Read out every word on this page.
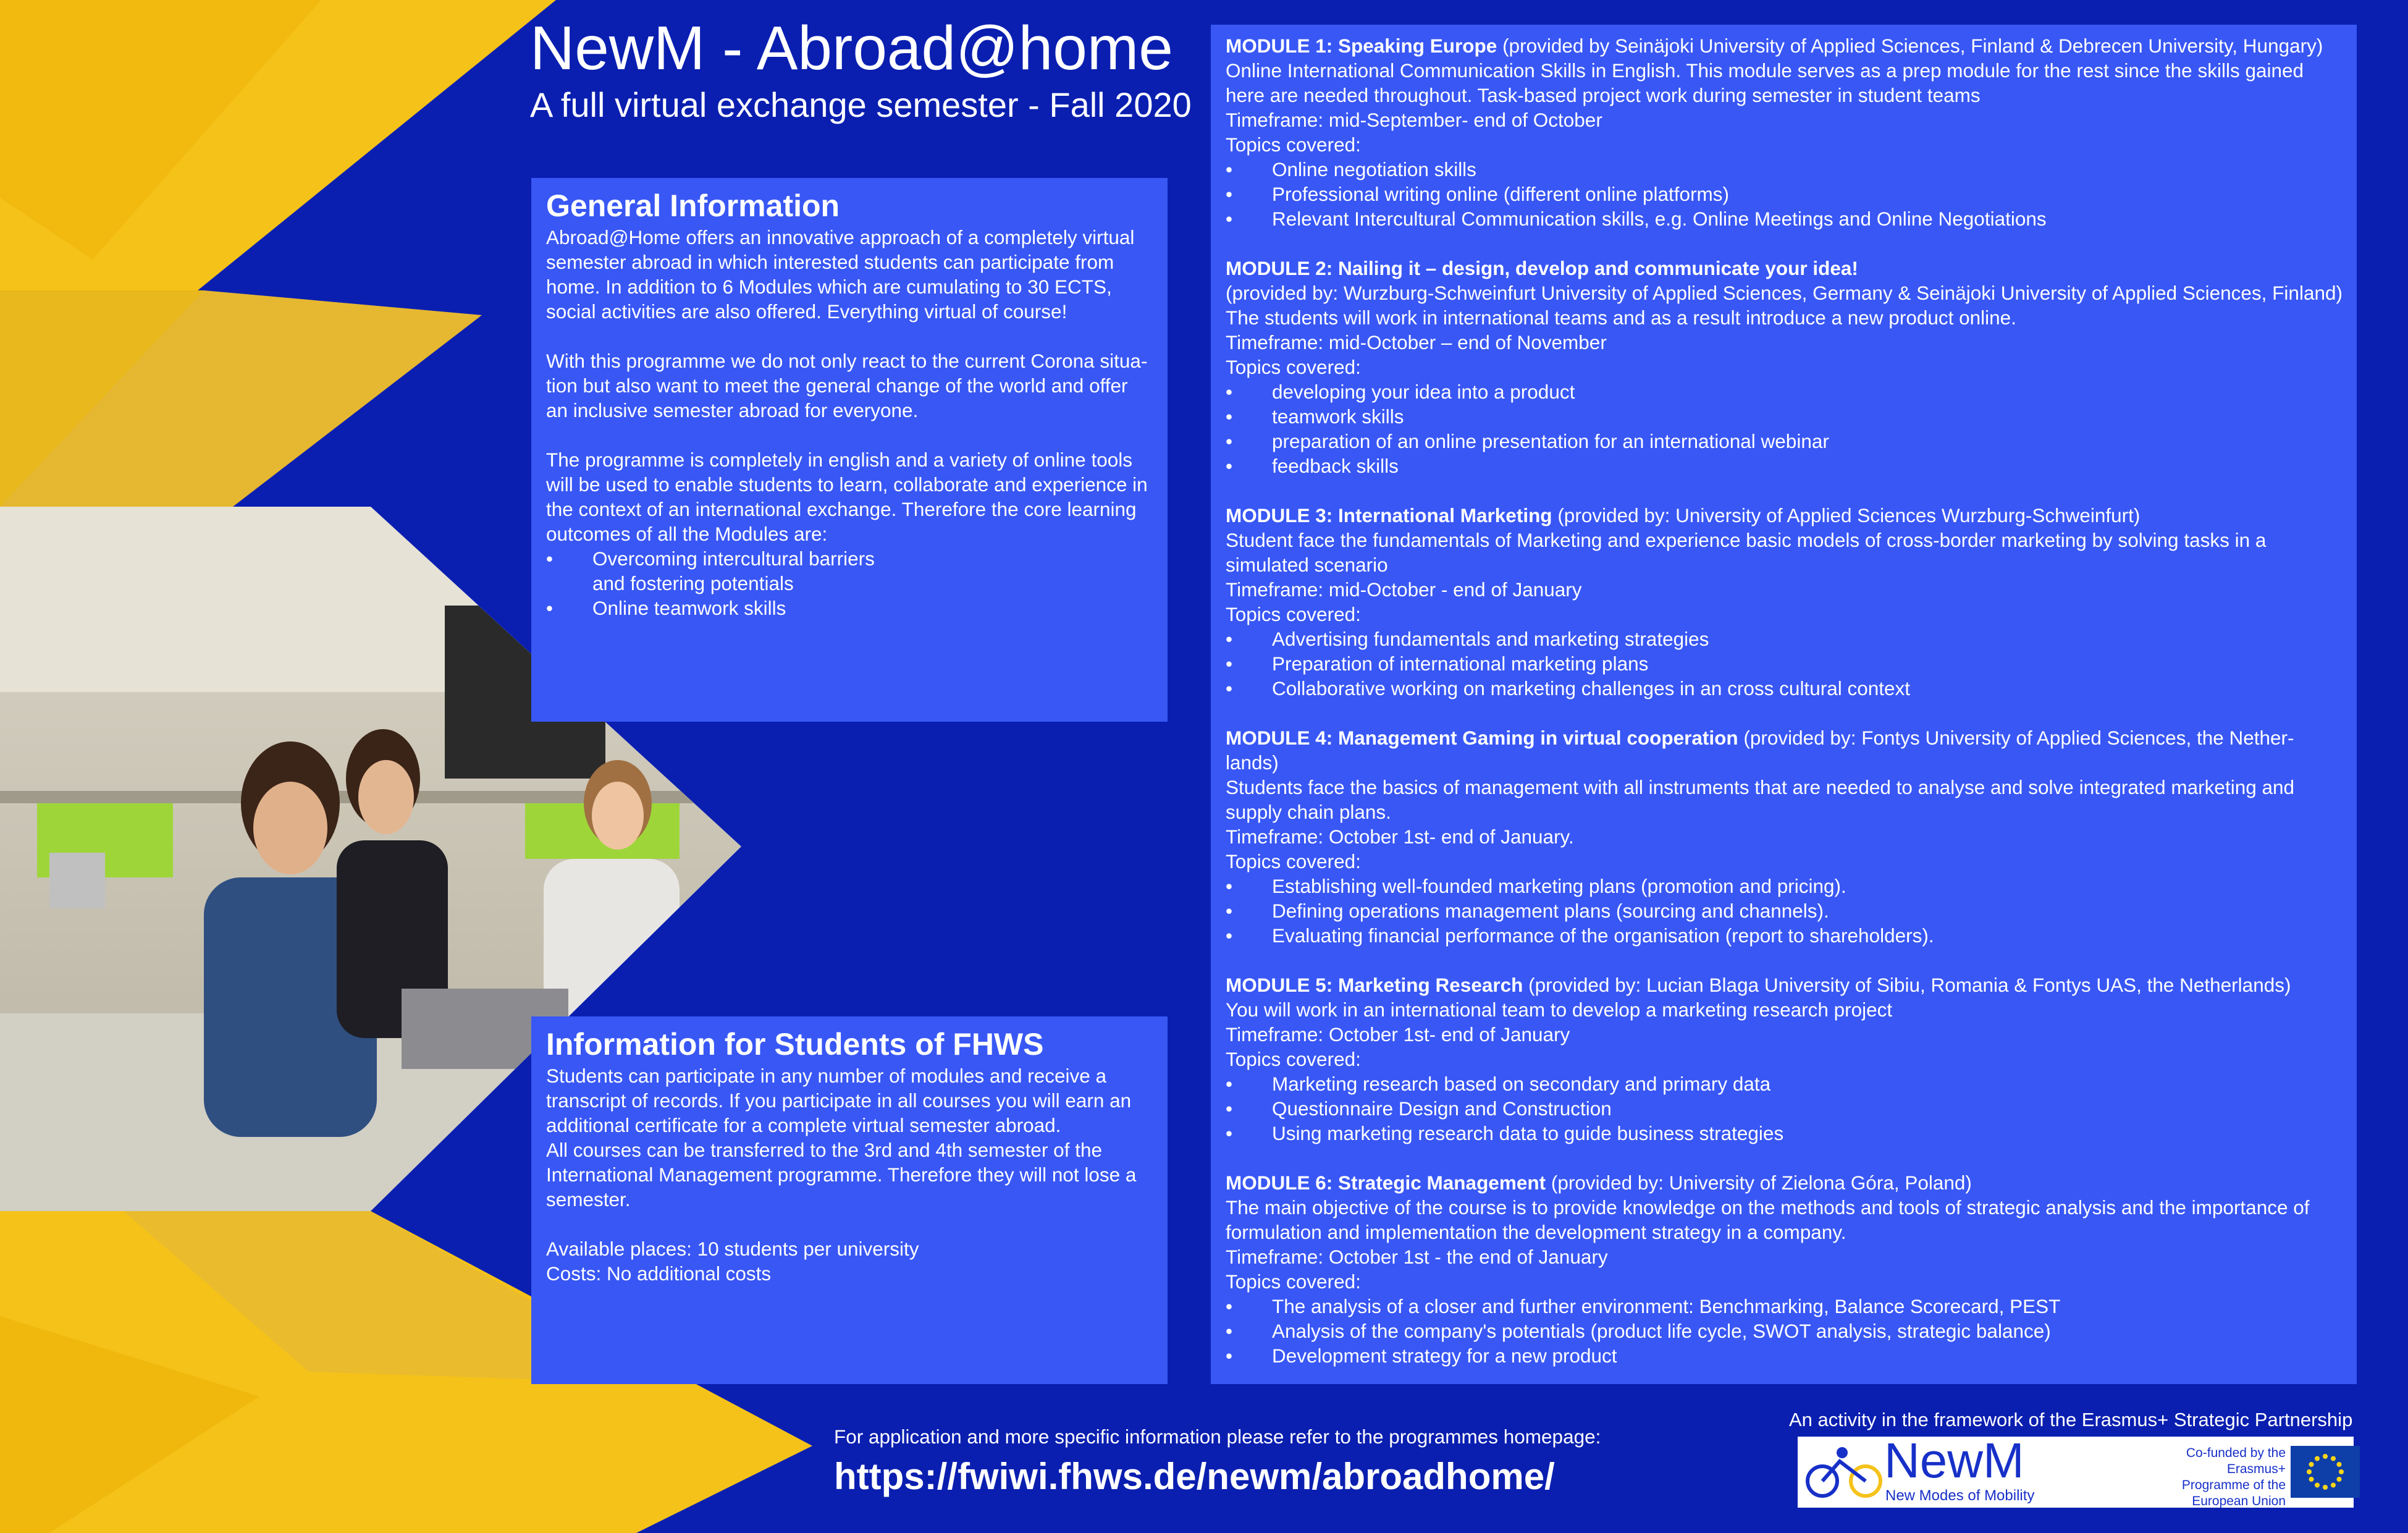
NewM - Abroad@home
A full virtual exchange semester - Fall 2020
General Information
Abroad@Home offers an innovative approach of a completely virtual semester abroad in which interested students can participate from home. In addition to 6 Modules which are cumulating to 30 ECTS, social activities are also offered. Everything virtual of course!
With this programme we do not only react to the current Corona situa-tion but also want to meet the general change of the world and offer an inclusive semester abroad for everyone.
The programme is completely in english and a variety of online tools will be used to enable students to learn, collaborate and experience in the context of an international exchange. Therefore the core learning outcomes of all the Modules are:
•	Overcoming intercultural barriers and fostering potentials
•	Online teamwork skills
Information for Students of FHWS
Students can participate in any number of modules and receive a transcript of records. If you participate in all courses you will earn an additional certificate for a complete virtual semester abroad.
All courses can be transferred to the 3rd and 4th semester of the International Management programme. Therefore they will not lose a semester.
Available places: 10 students per university
Costs: No additional costs
MODULE 1: Speaking Europe (provided by Seinäjoki University of Applied Sciences, Finland & Debrecen University, Hungary)
Online International Communication Skills in English. This module serves as a prep module for the rest since the skills gained here are needed throughout. Task-based project work during semester in student teams
Timeframe: mid-September- end of October
Topics covered:
•	Online negotiation skills
•	Professional writing online (different online platforms)
•	Relevant Intercultural Communication skills, e.g. Online Meetings and Online Negotiations
MODULE 2: Nailing it – design, develop and communicate your idea!
(provided by: Wurzburg-Schweinfurt University of Applied Sciences, Germany & Seinäjoki University of Applied Sciences, Finland)
The students will work in international teams and as a result introduce a new product online.
Timeframe: mid-October – end of November
Topics covered:
•	developing your idea into a product
•	teamwork skills
•	preparation of an online presentation for an international webinar
•	feedback skills
MODULE 3: International Marketing (provided by: University of Applied Sciences Wurzburg-Schweinfurt)
Student face the fundamentals of Marketing and experience basic models of cross-border marketing by solving tasks in a simulated scenario
Timeframe: mid-October - end of January
Topics covered:
•	Advertising fundamentals and marketing strategies
•	Preparation of international marketing plans
•	Collaborative working on marketing challenges in an cross cultural context
MODULE 4: Management Gaming in virtual cooperation (provided by: Fontys University of Applied Sciences, the Nether-lands)
Students face the basics of management with all instruments that are needed to analyse and solve integrated marketing and supply chain plans.
Timeframe: October 1st- end of January.
Topics covered:
•	Establishing well-founded marketing plans (promotion and pricing).
•	Defining operations management plans (sourcing and channels).
•	Evaluating financial performance of the organisation (report to shareholders).
MODULE 5: Marketing Research (provided by: Lucian Blaga University of Sibiu, Romania & Fontys UAS, the Netherlands)
You will work in an international team to develop a marketing research project
Timeframe: October 1st- end of January
Topics covered:
•	Marketing research based on secondary and primary data
•	Questionnaire Design and Construction
•	Using marketing research data to guide business strategies
MODULE 6: Strategic Management (provided by: University of Zielona Góra, Poland)
The main objective of the course is to provide knowledge on the methods and tools of strategic analysis and the importance of formulation and implementation the development strategy in a company.
Timeframe: October 1st - the end of January
Topics covered:
•	The analysis of a closer and further environment: Benchmarking, Balance Scorecard, PEST
•	Analysis of the company's potentials (product life cycle, SWOT analysis, strategic balance)
•	Development strategy for a new product
For application and more specific information please refer to the programmes homepage:
https://fwiwi.fhws.de/newm/abroadhome/
An activity in the framework of the Erasmus+ Strategic Partnership
NewM
New Modes of Mobility
Co-funded by the Erasmus+ Programme of the European Union
